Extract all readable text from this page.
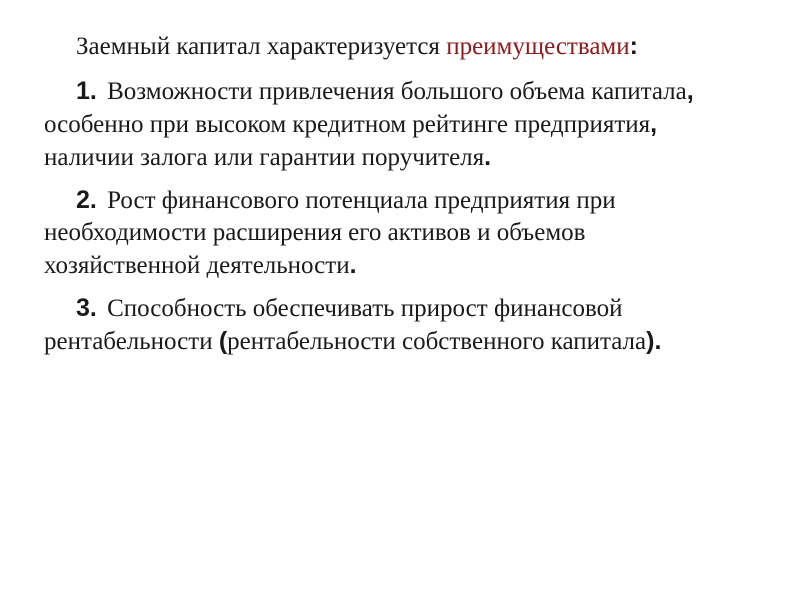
Заемный капитал характеризуется преимуществами:

1. Возможности привлечения большого объема капитала, особенно при высоком кредитном рейтинге предприятия, наличии залога или гарантии поручителя.

2. Рост финансового потенциала предприятия при необходимости расширения его активов и объемов хозяйственной деятельности.

3. Способность обеспечивать прирост финансовой рентабельности (рентабельности собственного капитала).
